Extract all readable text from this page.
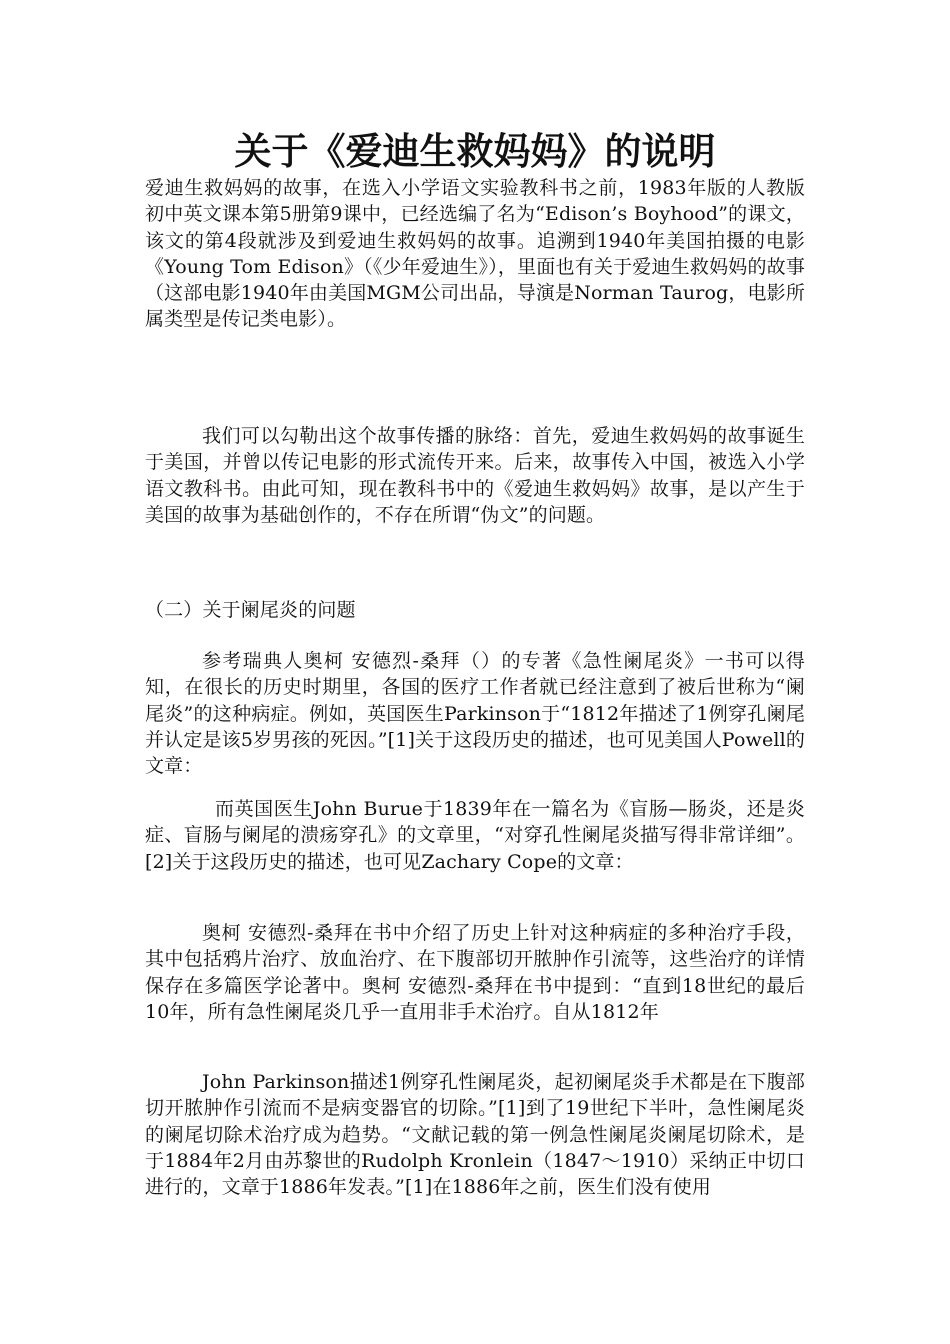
关于《爱迪生救妈妈》的说明

爱迪生救妈妈的故事，在选入小学语文实验教科书之前，1983年版的人教版初中英文课本第5册第9课中，已经选编了名为“Edison’s Boyhood”的课文，该文的第4段就涉及到爱迪生救妈妈的故事。追溯到1940年美国拍摄的电影《Young Tom Edison》（《少年爱迪生》），里面也有关于爱迪生救妈妈的故事（这部电影1940年由美国MGM公司出品，导演是Norman Taurog，电影所属类型是传记类电影）。

我们可以勾勒出这个故事传播的脉络：首先，爱迪生救妈妈的故事诞生于美国，并曾以传记电影的形式流传开来。后来，故事传入中国，被选入小学语文教科书。由此可知，现在教科书中的《爱迪生救妈妈》故事，是以产生于美国的故事为基础创作的，不存在所谓“伪文”的问题。

（二）关于阑尾炎的问题

参考瑞典人奥柯 安德烈-桑拜（）的专著《急性阑尾炎》一书可以得知，在很长的历史时期里，各国的医疗工作者就已经注意到了被后世称为“阑尾炎”的这种病症。例如，英国医生Parkinson于“1812年描述了1例穿孔阑尾并认定是该5岁男孩的死因。”[1]关于这段历史的描述，也可见美国人Powell的文章：

而英国医生John Burue于1839年在一篇名为《盲肠—肠炎，还是炎症、盲肠与阑尾的溃疡穿孔》的文章里，“对穿孔性阑尾炎描写得非常详细”。[2]关于这段历史的描述，也可见Zachary Cope的文章：

奥柯 安德烈-桑拜在书中介绍了历史上针对这种病症的多种治疗手段，其中包括鸦片治疗、放血治疗、在下腹部切开脓肿作引流等，这些治疗的详情保存在多篇医学论著中。奥柯 安德烈-桑拜在书中提到：“直到18世纪的最后10年，所有急性阑尾炎几乎一直用非手术治疗。自从1812年

John Parkinson描述1例穿孔性阑尾炎，起初阑尾炎手术都是在下腹部切开脓肿作引流而不是病变器官的切除。”[1]到了19世纪下半叶，急性阑尾炎的阑尾切除术治疗成为趋势。“文献记载的第一例急性阑尾炎阑尾切除术，是于1884年2月由苏黎世的Rudolph Kronlein（1847～1910）采纳正中切口进行的，文章于1886年发表。”[1]在1886年之前，医生们没有使用
